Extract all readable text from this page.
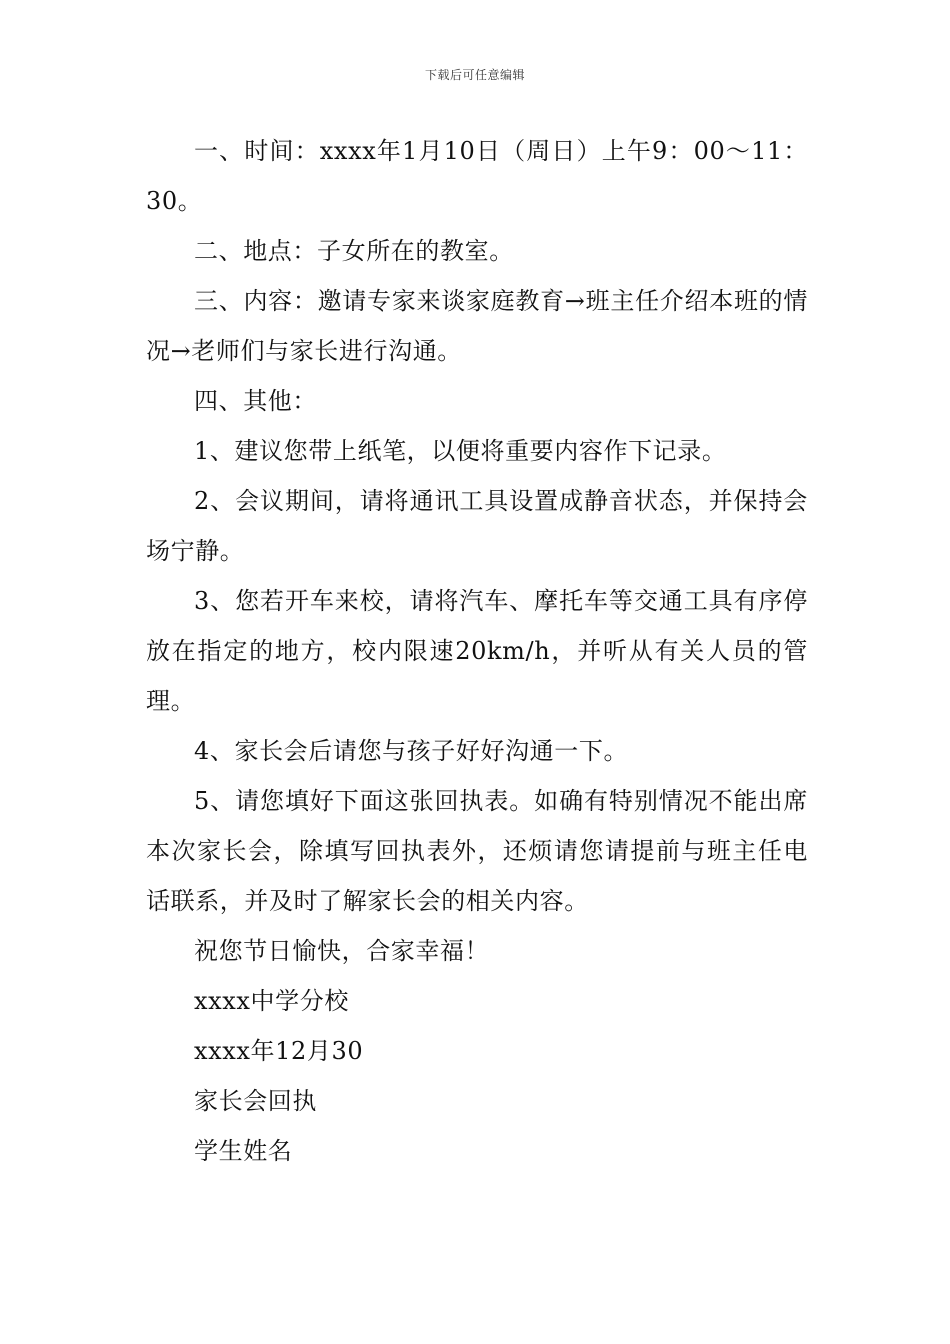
下载后可任意编辑

一、时间：xxxx年1月10日（周日）上午9：00～11：30。

二、地点：子女所在的教室。

三、内容：邀请专家来谈家庭教育→班主任介绍本班的情况→老师们与家长进行沟通。

四、其他：

1、建议您带上纸笔，以便将重要内容作下记录。

2、会议期间，请将通讯工具设置成静音状态，并保持会场宁静。

3、您若开车来校，请将汽车、摩托车等交通工具有序停放在指定的地方，校内限速20km/h，并听从有关人员的管理。

4、家长会后请您与孩子好好沟通一下。

5、请您填好下面这张回执表。如确有特别情况不能出席本次家长会，除填写回执表外，还烦请您请提前与班主任电话联系，并及时了解家长会的相关内容。

祝您节日愉快，合家幸福！

xxxx中学分校

xxxx年12月30

家长会回执

学生姓名
